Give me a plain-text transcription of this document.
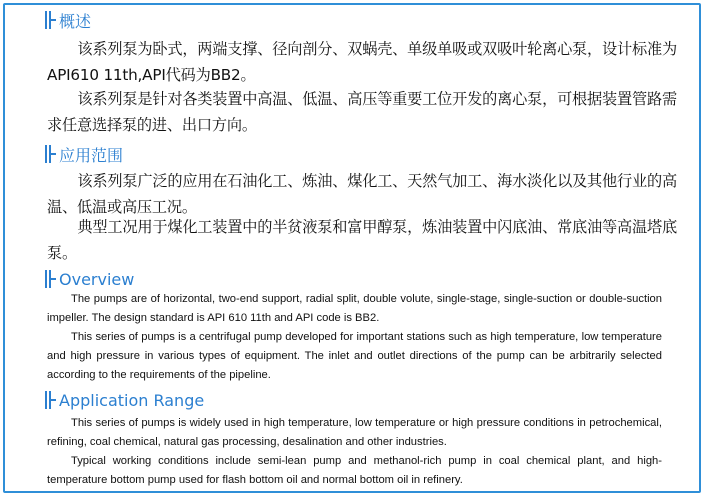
概述

该系列泵为卧式，两端支撑、径向剖分、双蜗壳、单级单吸或双吸叶轮离心泵，设计标准为API610 11th,API代码为BB2。

该系列泵是针对各类装置中高温、低温、高压等重要工位开发的离心泵，可根据装置管路需求任意选择泵的进、出口方向。

应用范围

该系列泵广泛的应用在石油化工、炼油、煤化工、天然气加工、海水淡化以及其他行业的高温、低温或高压工况。

典型工况用于煤化工装置中的半贫液泵和富甲醇泵，炼油装置中闪底油、常底油等高温塔底泵。

Overview

The pumps are of horizontal, two-end support, radial split, double volute, single-stage, single-suction or double-suction impeller. The design standard is API 610 11th and API code is BB2.

This series of pumps is a centrifugal pump developed for important stations such as high temperature, low temperature and high pressure in various types of equipment. The inlet and outlet directions of the pump can be arbitrarily selected according to the requirements of the pipeline.

Application Range

This series of pumps is widely used in high temperature, low temperature or high pressure conditions in petrochemical, refining, coal chemical, natural gas processing, desalination and other industries.

Typical working conditions include semi-lean pump and methanol-rich pump in coal chemical plant, and high-temperature bottom pump used for flash bottom oil and normal bottom oil in refinery.
